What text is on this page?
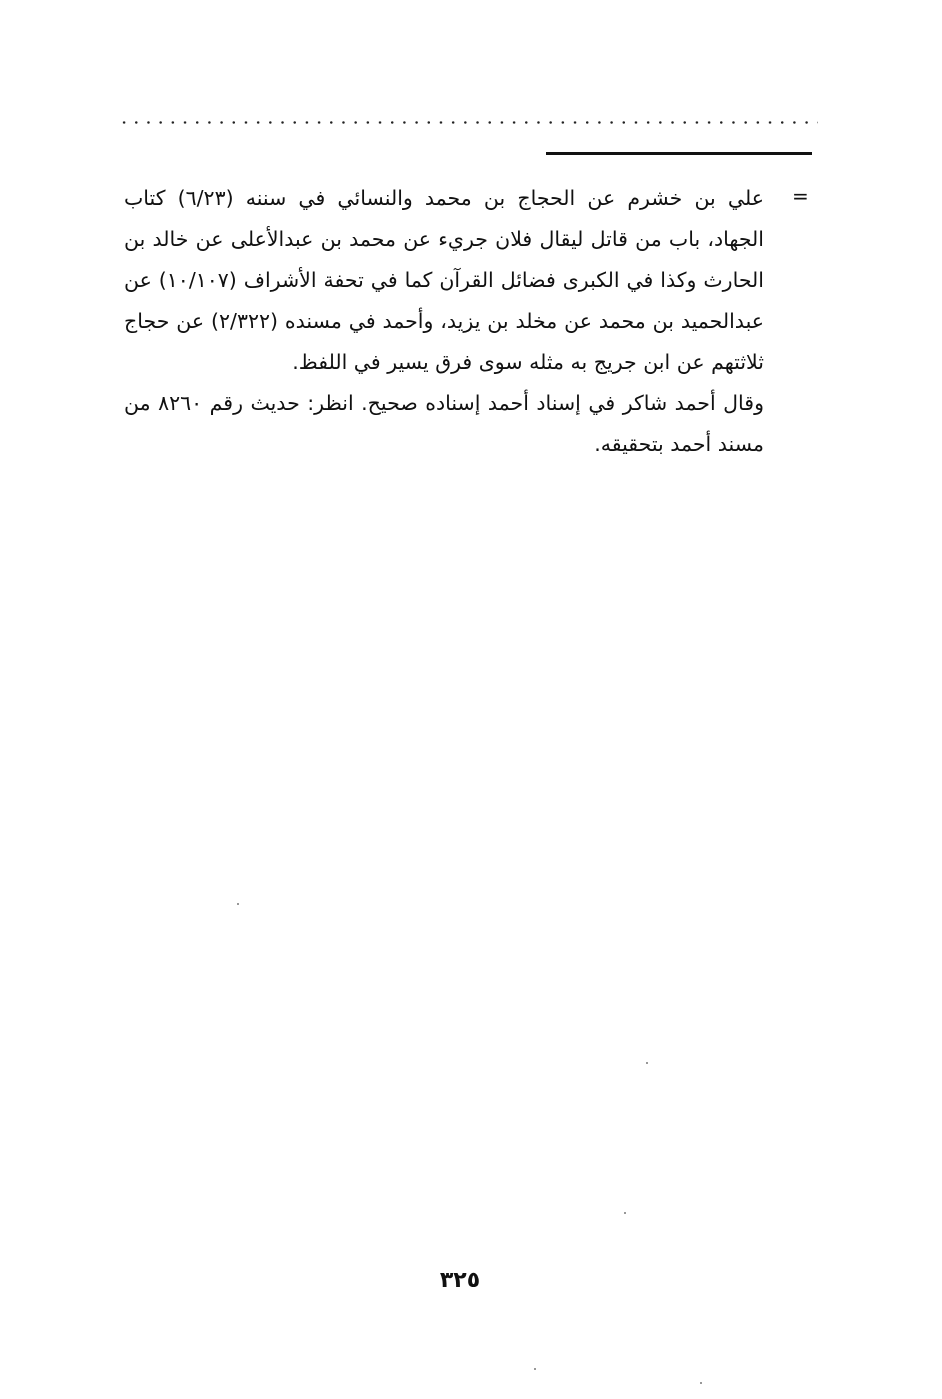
=

علي بن خشرم عن الحجاج بن محمد والنسائي في سننه (٦/٢٣) كتاب الجهاد، باب من قاتل ليقال فلان جريء عن محمد بن عبدالأعلى عن خالد بن الحارث وكذا في الكبرى فضائل القرآن كما في تحفة الأشراف (١٠/١٠٧) عن عبدالحميد بن محمد عن مخلد بن يزيد، وأحمد في مسنده (٢/٣٢٢) عن حجاج ثلاثتهم عن ابن جريج به مثله سوى فرق يسير في اللفظ.

وقال أحمد شاكر في إسناد أحمد إسناده صحيح. انظر: حديث رقم ٨٢٦٠ من مسند أحمد بتحقيقه.

٣٢٥
